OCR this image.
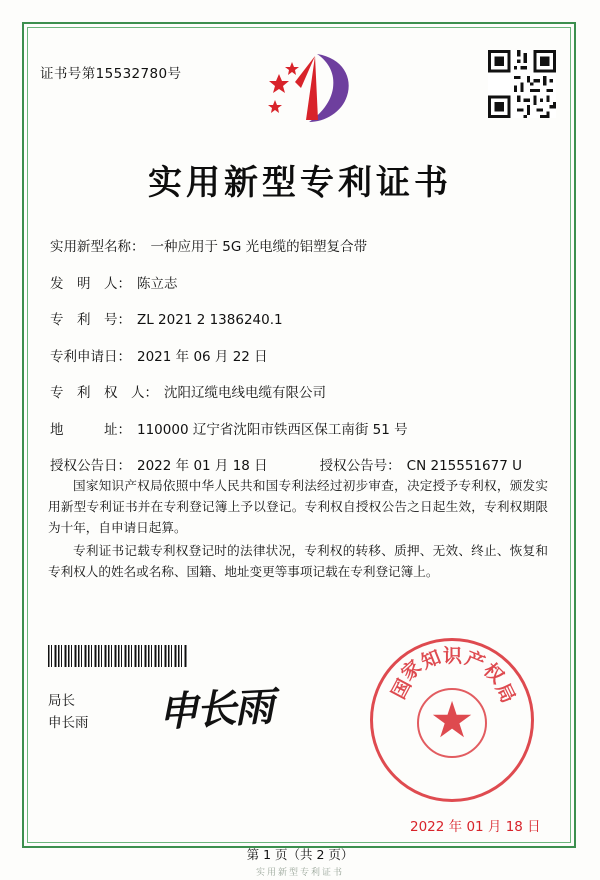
证书号第15532780号
实用新型专利证书
实用新型名称： 一种应用于 5G 光电缆的铝塑复合带
发　明　人： 陈立志
专　利　号： ZL 2021 2 1386240.1
专利申请日： 2021 年 06 月 22 日
专　利　权　人： 沈阳辽缆电线电缆有限公司
地　　　址： 110000 辽宁省沈阳市铁西区保工南街 51 号
授权公告日： 2022 年 01 月 18 日	授权公告号： CN 215551677 U
国家知识产权局依照中华人民共和国专利法经过初步审查，决定授予专利权，颁发实用新型专利证书并在专利登记簿上予以登记。专利权自授权公告之日起生效，专利权期限为十年，自申请日起算。
专利证书记载专利权登记时的法律状况，专利权的转移、质押、无效、终止、恢复和专利权人的姓名或名称、国籍、地址变更等事项记载在专利登记簿上。
局长
申长雨 申长雨	★
国
家
知
识 产
权
局
2022 年 01 月 18 日
第 1 页（共 2 页）
实用新型专利证书
